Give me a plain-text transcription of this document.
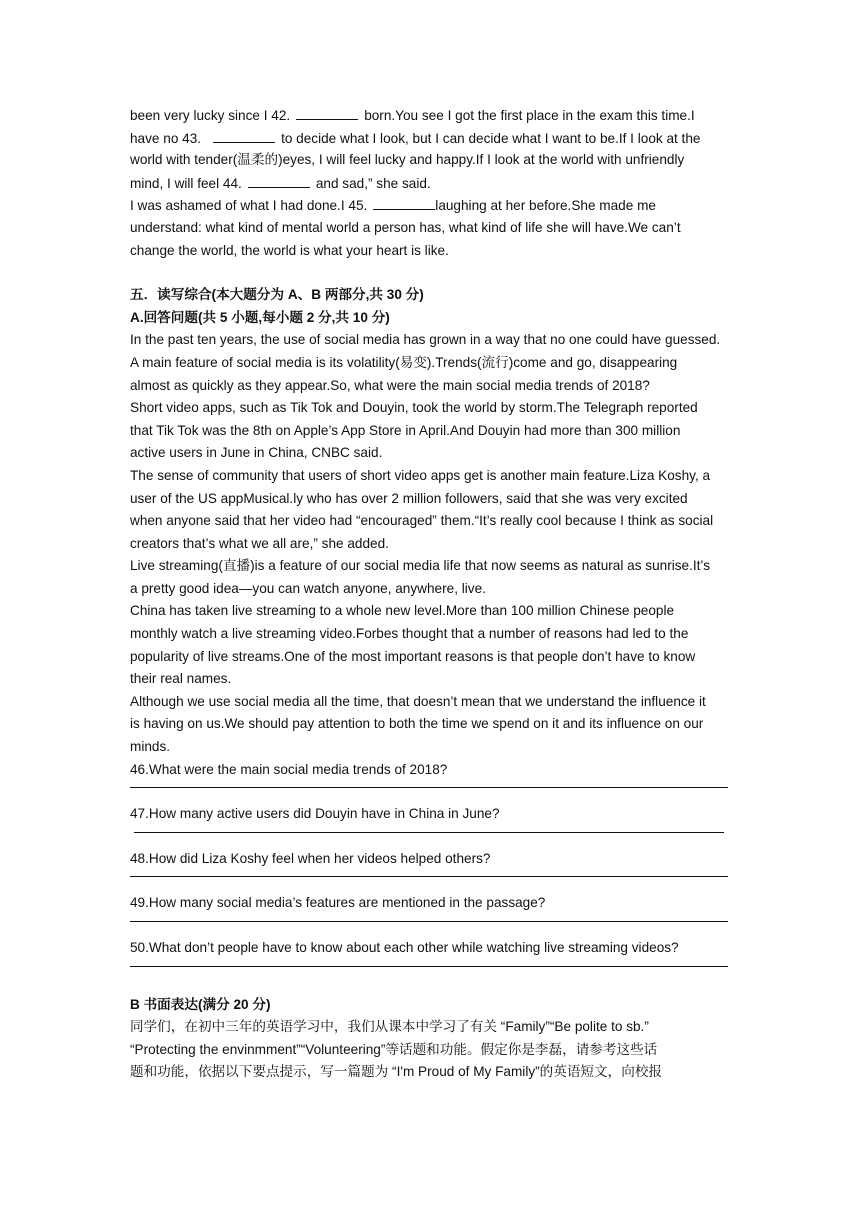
been very lucky since I 42.	born.You see I got the first place in the exam this time.I
have no 43.	to decide what I look, but I can decide what I want to be.If I look at the
world with tender(温柔的)eyes, I will feel lucky and happy.If I look at the world with unfriendly
mind, I will feel 44.	and sad,” she said.
I was ashamed of what I had done.I 45.	laughing at her before.She made me
understand: what kind of mental world a person has, what kind of life she will have.We can’t
change the world, the world is what your heart is like.
五．读写综合(本大题分为 A、B 两部分,共 30 分)
A.回答问题(共 5 小题,每小题 2 分,共 10 分)
In the past ten years, the use of social media has grown in a way that no one could have guessed.
A main feature of social media is its volatility(易变).Trends(流行)come and go, disappearing
almost as quickly as they appear.So, what were the main social media trends of 2018?
Short video apps, such as Tik Tok and Douyin, took the world by storm.The Telegraph reported
that Tik Tok was the 8th on Apple’s App Store in April.And Douyin had more than 300 million
active users in June in China, CNBC said.
The sense of community that users of short video apps get is another main feature.Liza Koshy, a
user of the US appMusical.ly who has over 2 million followers, said that she was very excited
when anyone said that her video had “encouraged” them.“It’s really cool because I think as social
creators that’s what we all are,” she added.
Live streaming(直播)is a feature of our social media life that now seems as natural as sunrise.It’s
a pretty good idea—you can watch anyone, anywhere, live.
China has taken live streaming to a whole new level.More than 100 million Chinese people
monthly watch a live streaming video.Forbes thought that a number of reasons had led to the
popularity of live streams.One of the most important reasons is that people don’t have to know
their real names.
Although we use social media all the time, that doesn’t mean that we understand the influence it
is having on us.We should pay attention to both the time we spend on it and its influence on our
minds.
46.What were the main social media trends of 2018?
47.How many active users did Douyin have in China in June?
48.How did Liza Koshy feel when her videos helped others?
49.How many social media’s features are mentioned in the passage?
50.What don’t people have to know about each other while watching live streaming videos?
B 书面表达(满分 20 分)
同学们，在初中三年的英语学习中，我们从课本中学习了有关 “Family”“Be polite to sb.”
“Protecting the envinmment”“Volunteering”等话题和功能。假定你是李磊，请参考这些话
题和功能，依据以下要点提示，写一篇题为 “I'm Proud of My Family”的英语短文，向校报
